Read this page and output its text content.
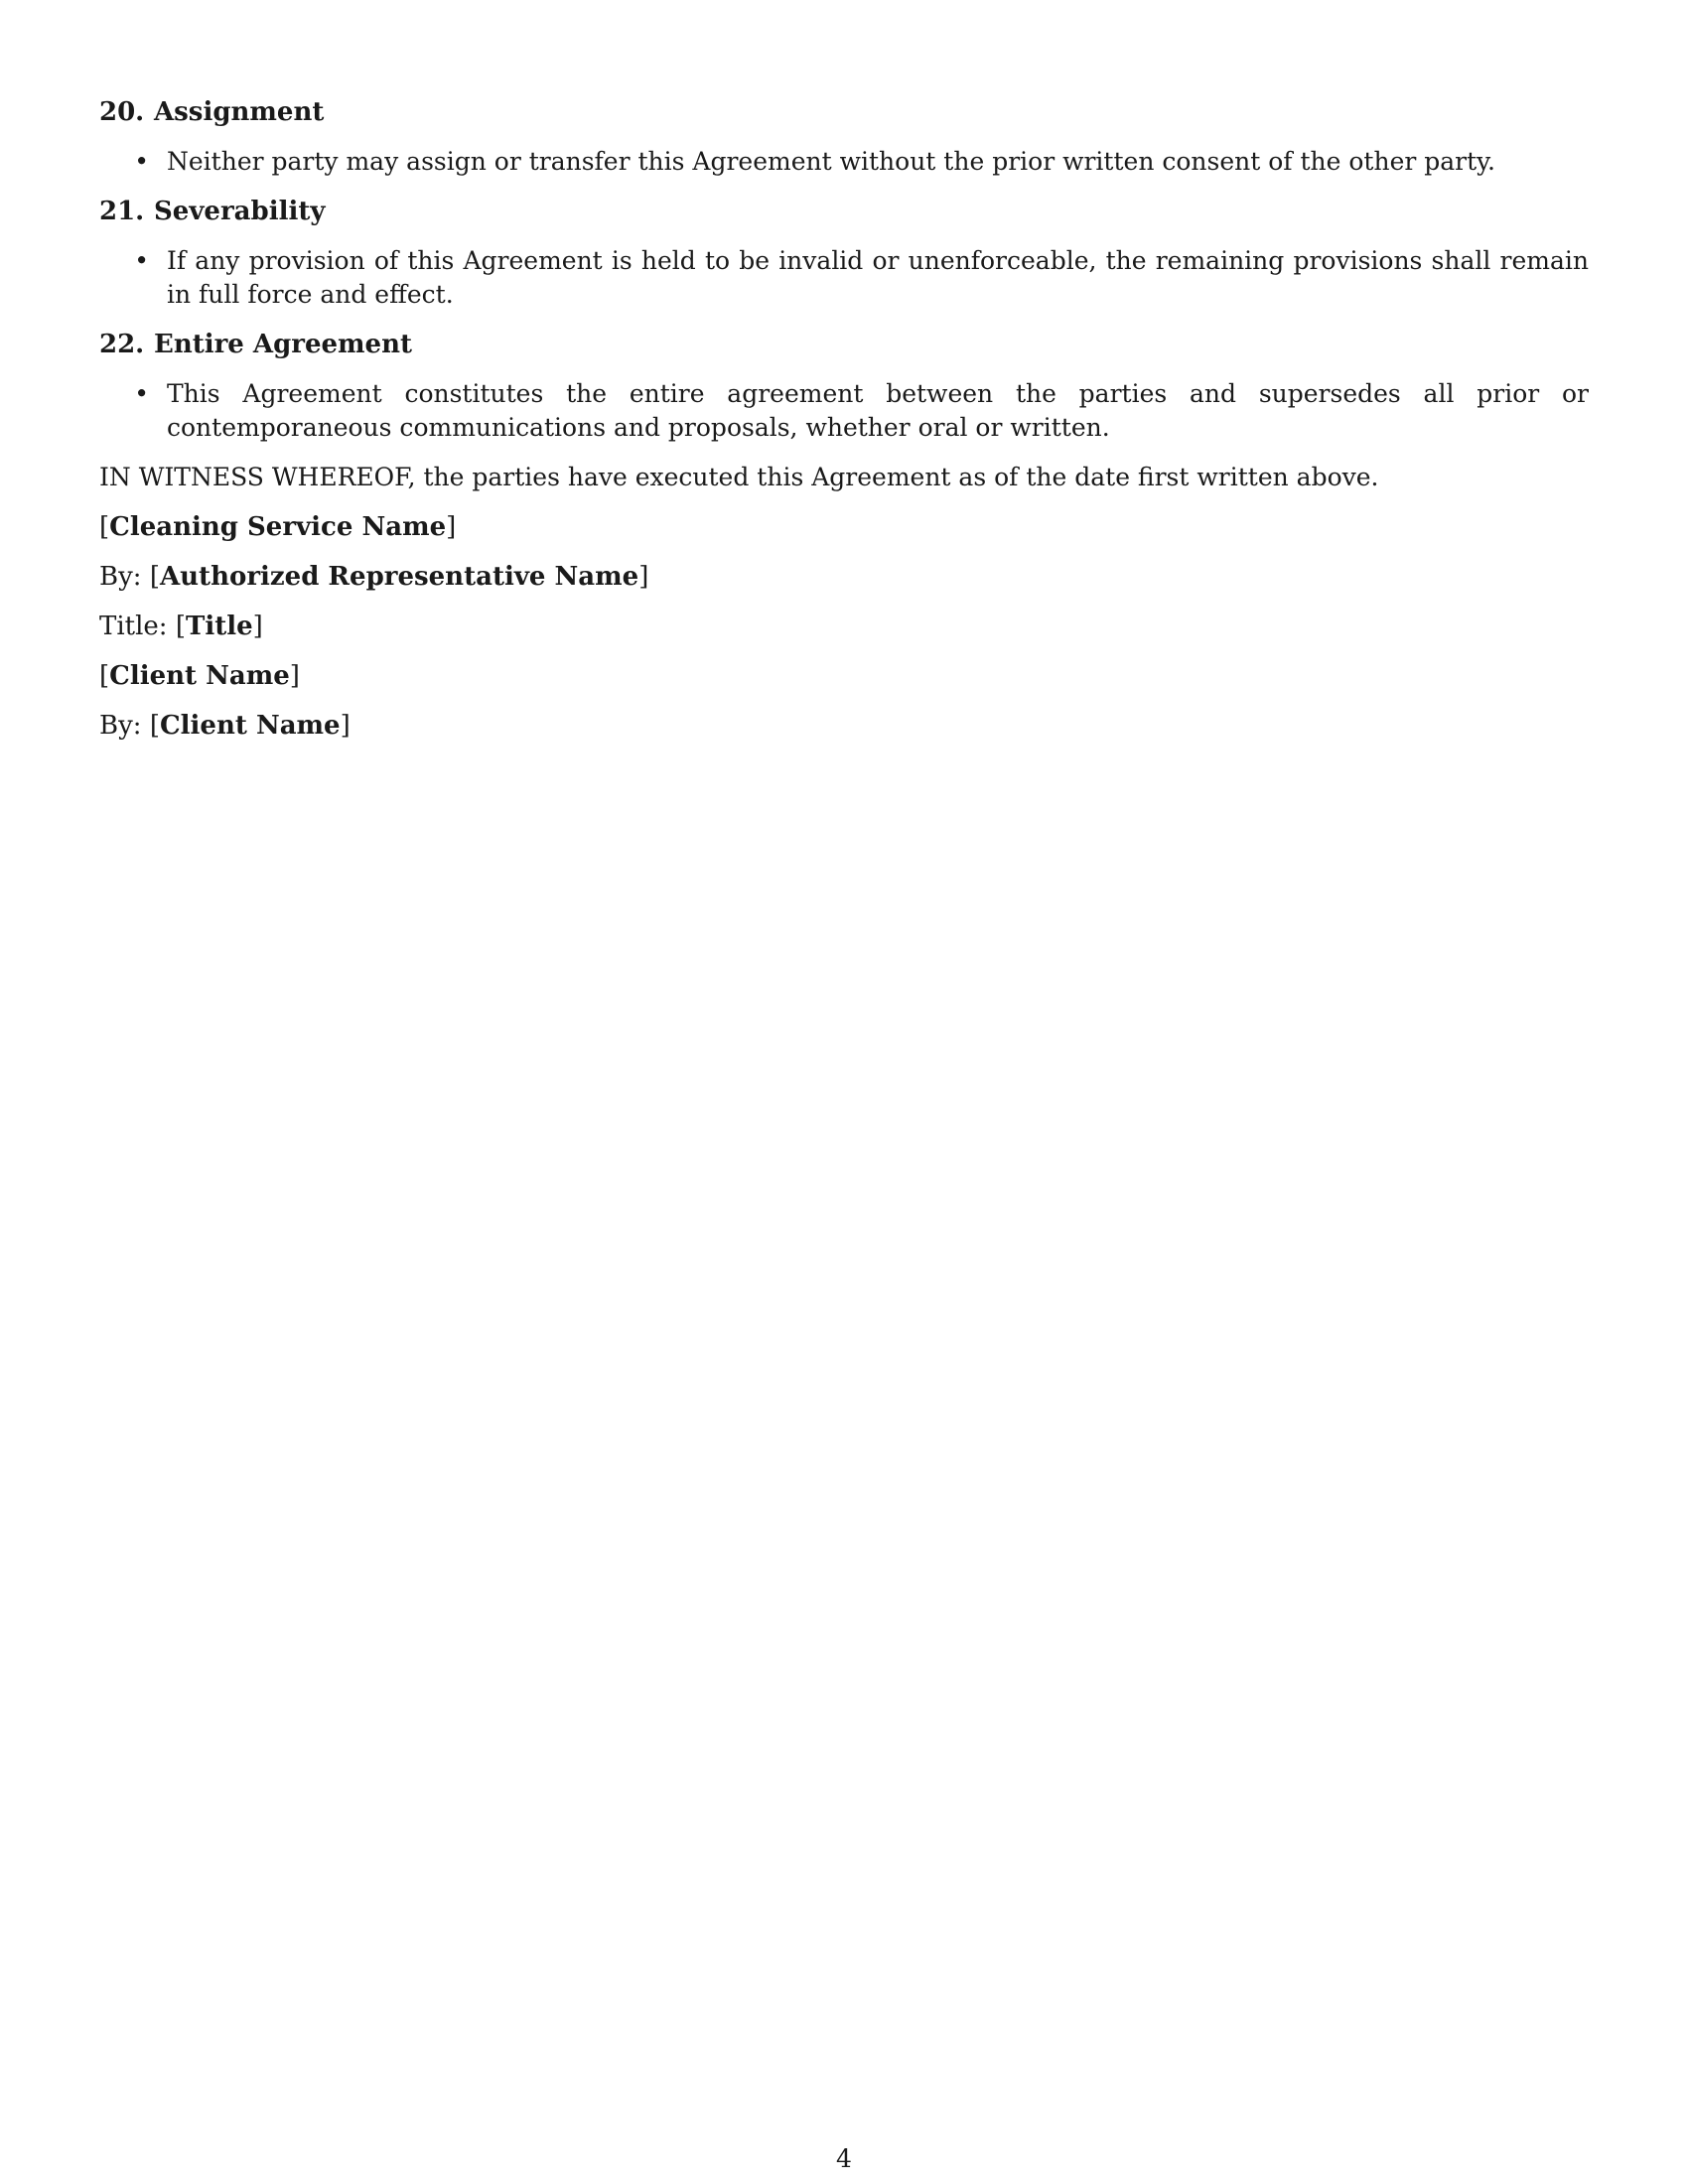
20. Assignment
• Neither party may assign or transfer this Agreement without the prior written consent of the other party.
21. Severability
• If any provision of this Agreement is held to be invalid or unenforceable, the remaining provisions shall remain in full force and effect.
22. Entire Agreement
• This Agreement constitutes the entire agreement between the parties and supersedes all prior or contemporaneous communications and proposals, whether oral or written.
IN WITNESS WHEREOF, the parties have executed this Agreement as of the date first written above.
[Cleaning Service Name]
By: [Authorized Representative Name]
Title: [Title]
[Client Name]
By: [Client Name]
4
